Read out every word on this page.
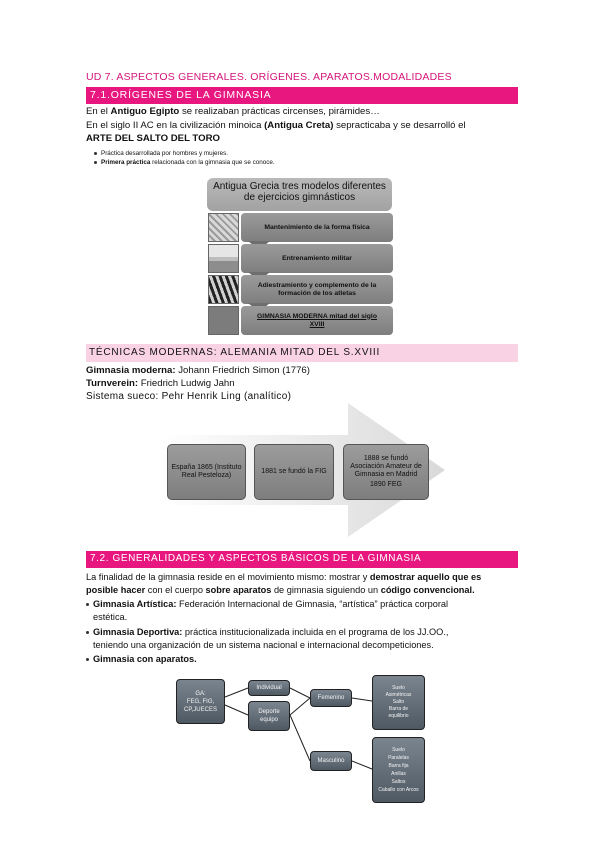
UD 7. ASPECTOS GENERALES. ORÍGENES. APARATOS.MODALIDADES
7.1.ORÍGENES DE LA GIMNASIA
En el Antiguo Egipto se realizaban prácticas circenses, pirámides…
En el siglo II AC en la civilización minoica (Antigua Creta) sepracticaba y se desarrolló el
ARTE DEL SALTO DEL TORO
Práctica desarrollada por hombres y mujeres.
Primera práctica relacionada con la gimnasia que se conoce.
Antigua Grecia tres modelos diferentes de ejercicios gimnásticos
Mantenimiento de la forma física
Entrenamiento militar
Adiestramiento y complemento de la formación de los atletas
GIMNASIA MODERNA mitad del siglo XVIII
TÉCNICAS MODERNAS: ALEMANIA MITAD DEL S.XVIII
Gimnasia moderna: Johann Friedrich Simon (1776)
Turnverein: Friedrich Ludwig Jahn
Sistema sueco: Pehr Henrik Ling (analítico)
España 1865 (Instituto Real Pesteloza)
1881 se fundó la FIG
1888 se fundó Asociación Amateur de Gimnasia en Madrid
1890 FEG
7.2. GENERALIDADES Y ASPECTOS BÁSICOS DE LA GIMNASIA
La finalidad de la gimnasia reside en el movimiento mismo: mostrar y demostrar aquello que es
posible hacer con el cuerpo sobre aparatos de gimnasia siguiendo un código convencional.
Gimnasia Artística: Federación Internacional de Gimnasia, “artística” práctica corporal
estética.
Gimnasia Deportiva: práctica institucionalizada incluida en el programa de los JJ.OO.,
teniendo una organización de un sistema nacional e internacional decompeticiones.
Gimnasia con aparatos.
GA:
FEG, FIG,
CP,JUECES
Individual
Deporte equipo
Femenino
Masculino
Suelo
Asimétricas
Salto
Barra de equilibrio
Suelo
Paralelas
Barra fija
Anillas
Saltos
Caballo con Arcos
